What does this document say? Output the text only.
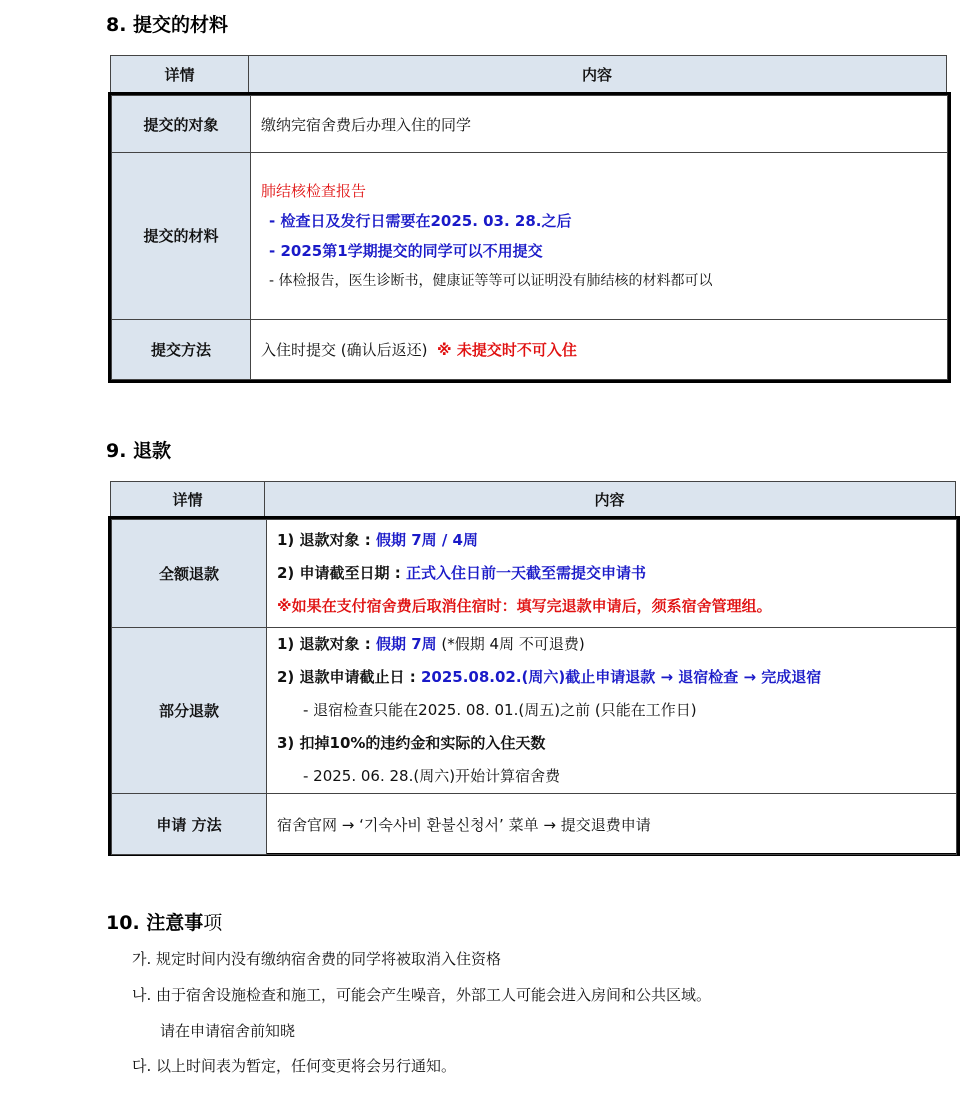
8. 提交的材料
详情	内容
提交的对象	缴纳完宿舍费后办理入住的同学
提交的材料	肺结核检查报告
- 检查日及发行日需要在2025. 03. 28.之后
- 2025第1学期提交的同学可以不用提交
- 体检报告，医生诊断书，健康证等等可以证明没有肺结核的材料都可以

提交方法	入住时提交 (确认后返还) ※ 未提交时不可入住
9. 退款
详情	内容
全额退款	1) 退款对象 : 假期 7周 / 4周
2) 申请截至日期 : 正式入住日前一天截至需提交申请书
※如果在支付宿舍费后取消住宿时：填写完退款申请后，须系宿舍管理组。

部分退款	1) 退款对象 : 假期 7周 (*假期 4周 不可退费)
2) 退款申请截止日 : 2025.08.02.(周六)截止申请退款 → 退宿检查 → 完成退宿
- 退宿检查只能在2025. 08. 01.(周五)之前 (只能在工作日)
3) 扣掉10%的违约金和实际的入住天数
- 2025. 06. 28.(周六)开始计算宿舍费

申请 方法	宿舍官网 → ‘기숙사비 환불신청서’ 菜单 → 提交退费申请
10. 注意事项
가. 规定时间内没有缴纳宿舍费的同学将被取消入住资格
나. 由于宿舍设施检查和施工，可能会产生噪音，外部工人可能会进入房间和公共区域。
请在申请宿舍前知晓
다. 以上时间表为暂定，任何变更将会另行通知。
